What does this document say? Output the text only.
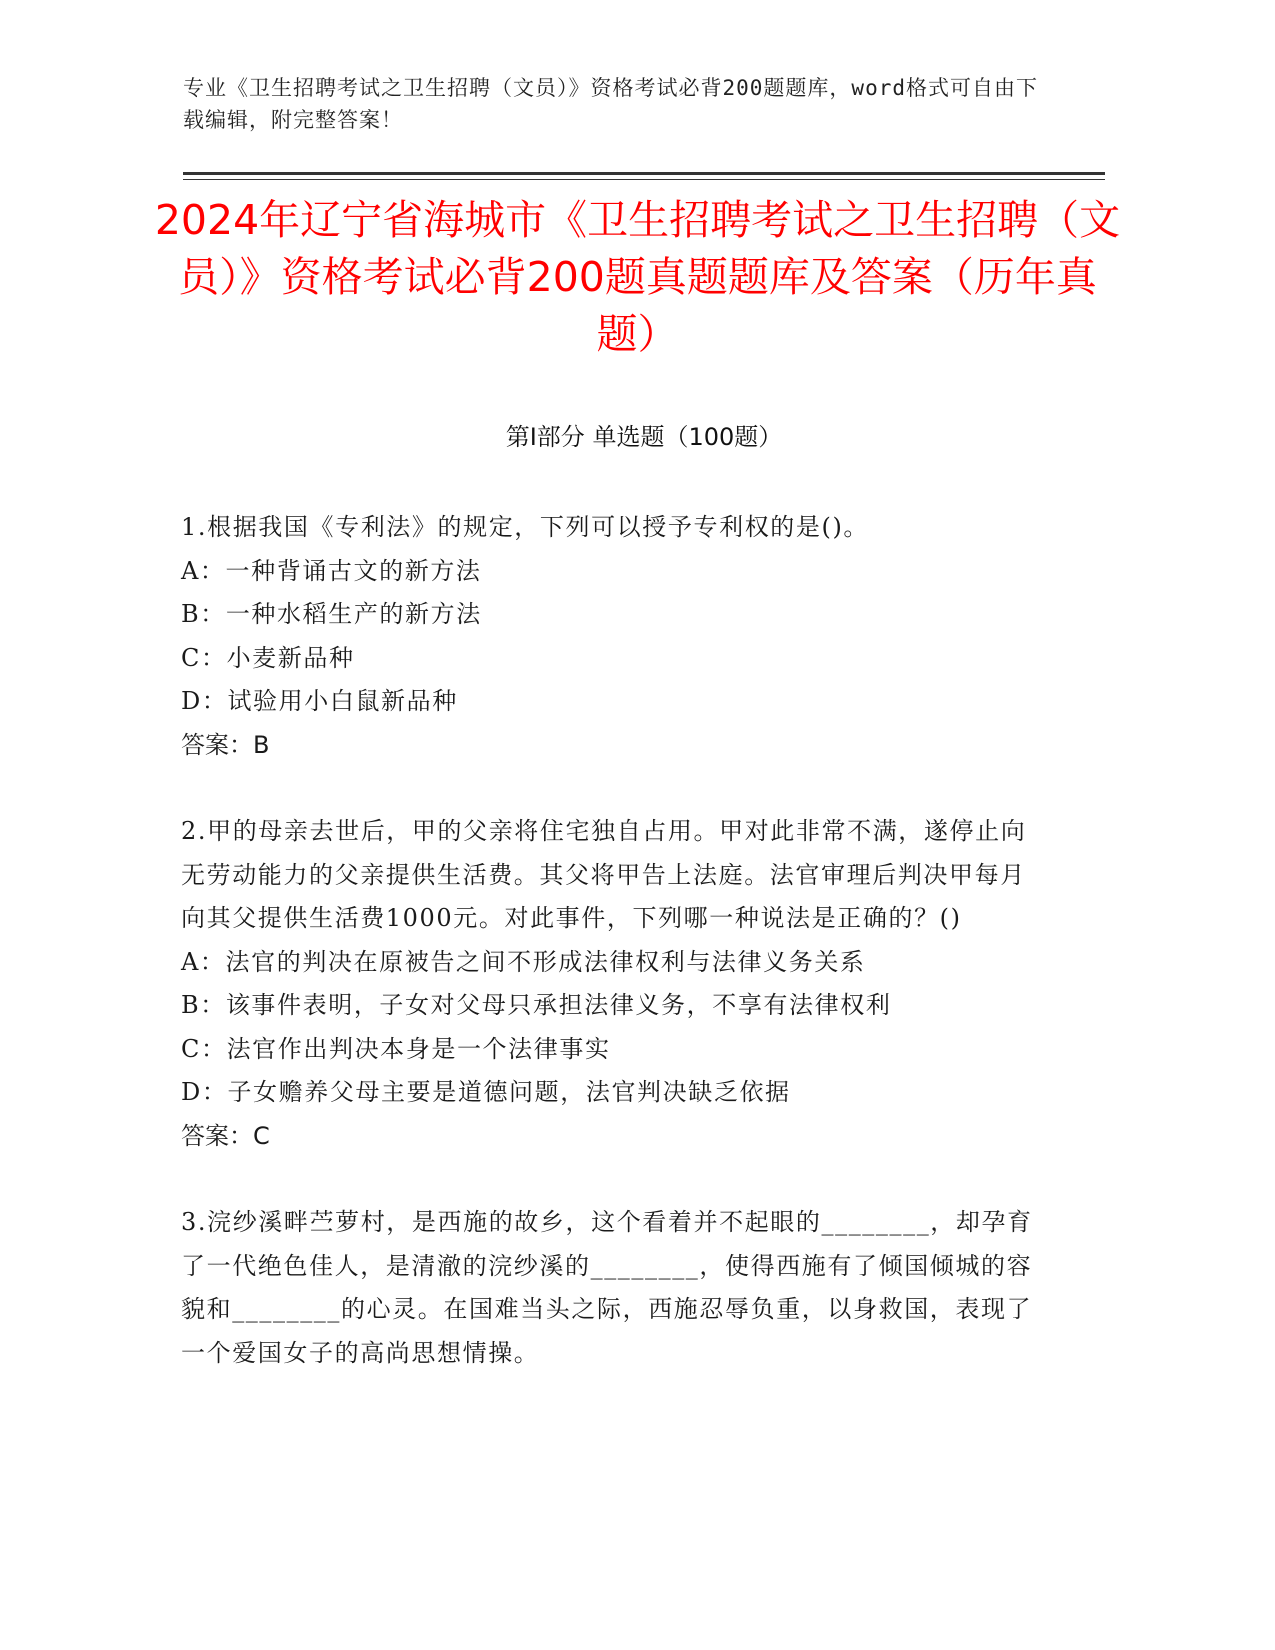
专业《卫生招聘考试之卫生招聘（文员）》资格考试必背200题题库，word格式可自由下载编辑，附完整答案！
2024年辽宁省海城市《卫生招聘考试之卫生招聘（文员）》资格考试必背200题真题题库及答案（历年真题）
第Ⅰ部分 单选题（100题）

1.根据我国《专利法》的规定，下列可以授予专利权的是()。

A：一种背诵古文的新方法

B：一种水稻生产的新方法

C：小麦新品种

D：试验用小白鼠新品种

答案：B

2.甲的母亲去世后，甲的父亲将住宅独自占用。甲对此非常不满，遂停止向无劳动能力的父亲提供生活费。其父将甲告上法庭。法官审理后判决甲每月向其父提供生活费1000元。对此事件，下列哪一种说法是正确的？()

A：法官的判决在原被告之间不形成法律权利与法律义务关系

B：该事件表明，子女对父母只承担法律义务，不享有法律权利

C：法官作出判决本身是一个法律事实

D：子女赡养父母主要是道德问题，法官判决缺乏依据

答案：C

3.浣纱溪畔苎萝村，是西施的故乡，这个看着并不起眼的________，却孕育了一代绝色佳人，是清澈的浣纱溪的________，使得西施有了倾国倾城的容貌和________的心灵。在国难当头之际，西施忍辱负重，以身救国，表现了一个爱国女子的高尚思想情操。
